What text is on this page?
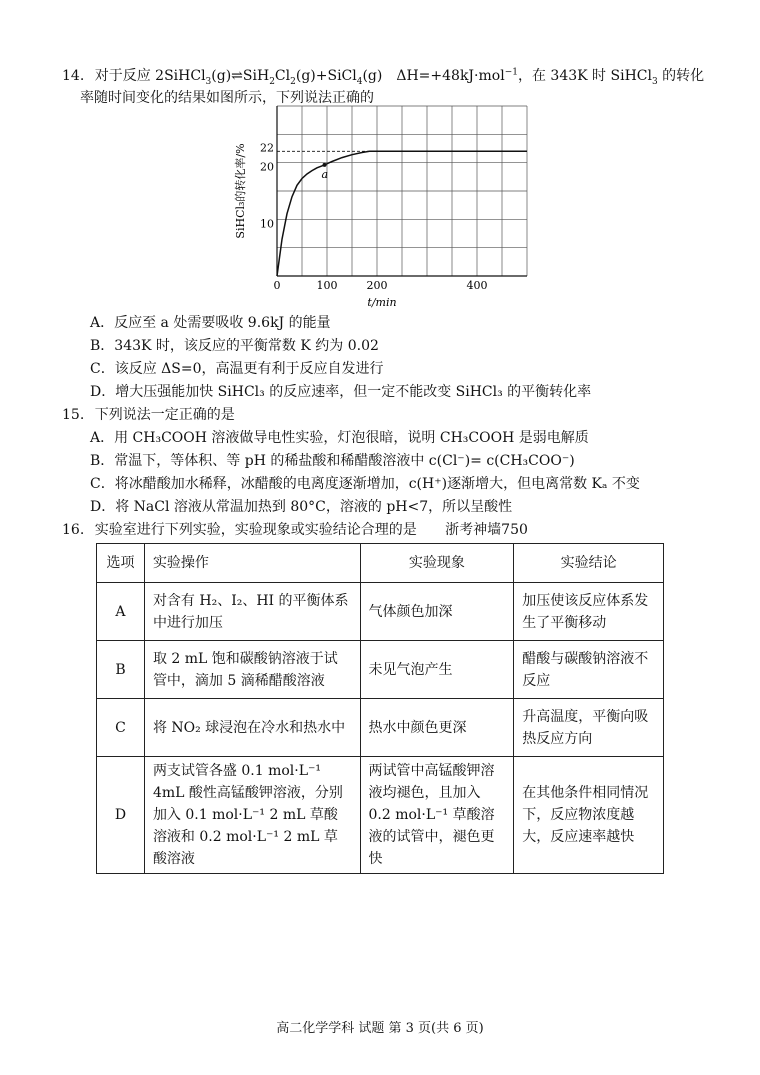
14. 对于反应 $2SiHCl_3(g)\rightleftharpoons SiH_2Cl_2(g)+SiCl_4(g)$　ΔH=+48kJ·mol$^{-1}$，在 343K 时 SiHCl$_3$ 的转化
率随时间变化的结果如图所示，下列说法正确的
a
0	100	200	400
10
20
22
t/min
SiHCl₃的转化率/%
A．反应至 a 处需要吸收 9.6kJ 的能量
B．343K 时，该反应的平衡常数 K 约为 0.02
C．该反应 ΔS=0，高温更有利于反应自发进行
D．增大压强能加快 SiHCl₃ 的反应速率，但一定不能改变 SiHCl₃ 的平衡转化率
15. 下列说法一定正确的是
A．用 CH₃COOH 溶液做导电性实验，灯泡很暗，说明 CH₃COOH 是弱电解质
B．常温下，等体积、等 pH 的稀盐酸和稀醋酸溶液中 c(Cl⁻)= c(CH₃COO⁻)
C．将冰醋酸加水稀释，冰醋酸的电离度逐渐增加，c(H⁺)逐渐增大，但电离常数 Kₐ 不变
D．将 NaCl 溶液从常温加热到 80°C，溶液的 pH<7，所以呈酸性
16. 实验室进行下列实验，实验现象或实验结论合理的是 浙考神墙750
选项	实验操作	实验现象	实验结论
A	对含有 H₂、I₂、HI 的平衡体系中进行加压	气体颜色加深	加压使该反应体系发生了平衡移动
B	取 2 mL 饱和碳酸钠溶液于试管中，滴加 5 滴稀醋酸溶液	未见气泡产生	醋酸与碳酸钠溶液不反应
C	将 NO₂ 球浸泡在冷水和热水中	热水中颜色更深	升高温度，平衡向吸热反应方向
D	两支试管各盛 0.1 mol·L⁻¹ 4mL 酸性高锰酸钾溶液，分别加入 0.1 mol·L⁻¹ 2 mL 草酸溶液和 0.2 mol·L⁻¹ 2 mL 草酸溶液	两试管中高锰酸钾溶液均褪色，且加入 0.2 mol·L⁻¹ 草酸溶液的试管中，褪色更快	在其他条件相同情况下，反应物浓度越大，反应速率越快
高二化学学科 试题 第 3 页(共 6 页)
